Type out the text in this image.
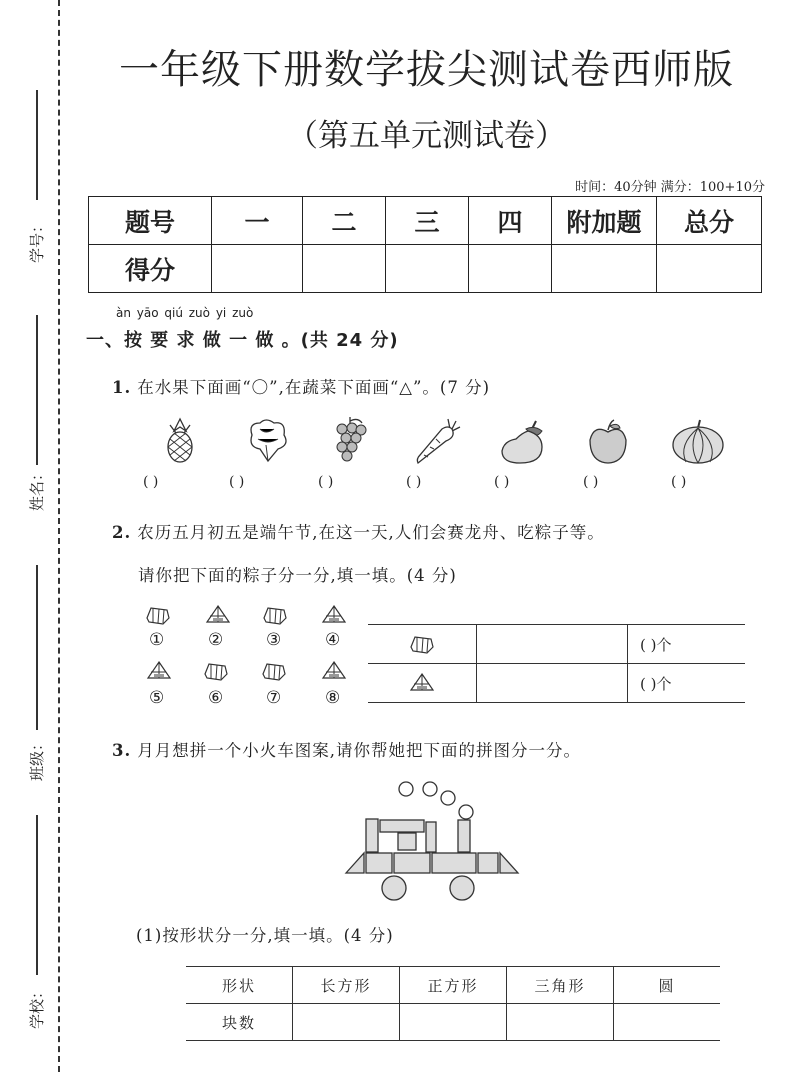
学号：
姓名：
班级：
学校：
一年级下册数学拔尖测试卷西师版
（第五单元测试卷）
时间：40分钟 满分：100+10分
题号	一	二	三	四	附加题	总分
得分						
àn yāo qiú zuò yi zuò
一、按 要 求 做 一 做 。(共 24 分)
1. 在水果下面画“〇”,在蔬菜下面画“△”。(7 分)
( )	( )	( )	( )	( )	( )	( )
2. 农历五月初五是端午节,在这一天,人们会赛龙舟、吃粽子等。
请你把下面的粽子分一分,填一填。(4 分)
①	②	③	④
⑤	⑥	⑦	⑧
		( )个
		( )个
3. 月月想拼一个小火车图案,请你帮她把下面的拼图分一分。
(1)按形状分一分,填一填。(4 分)
形状	长方形	正方形	三角形	圆
块数				
